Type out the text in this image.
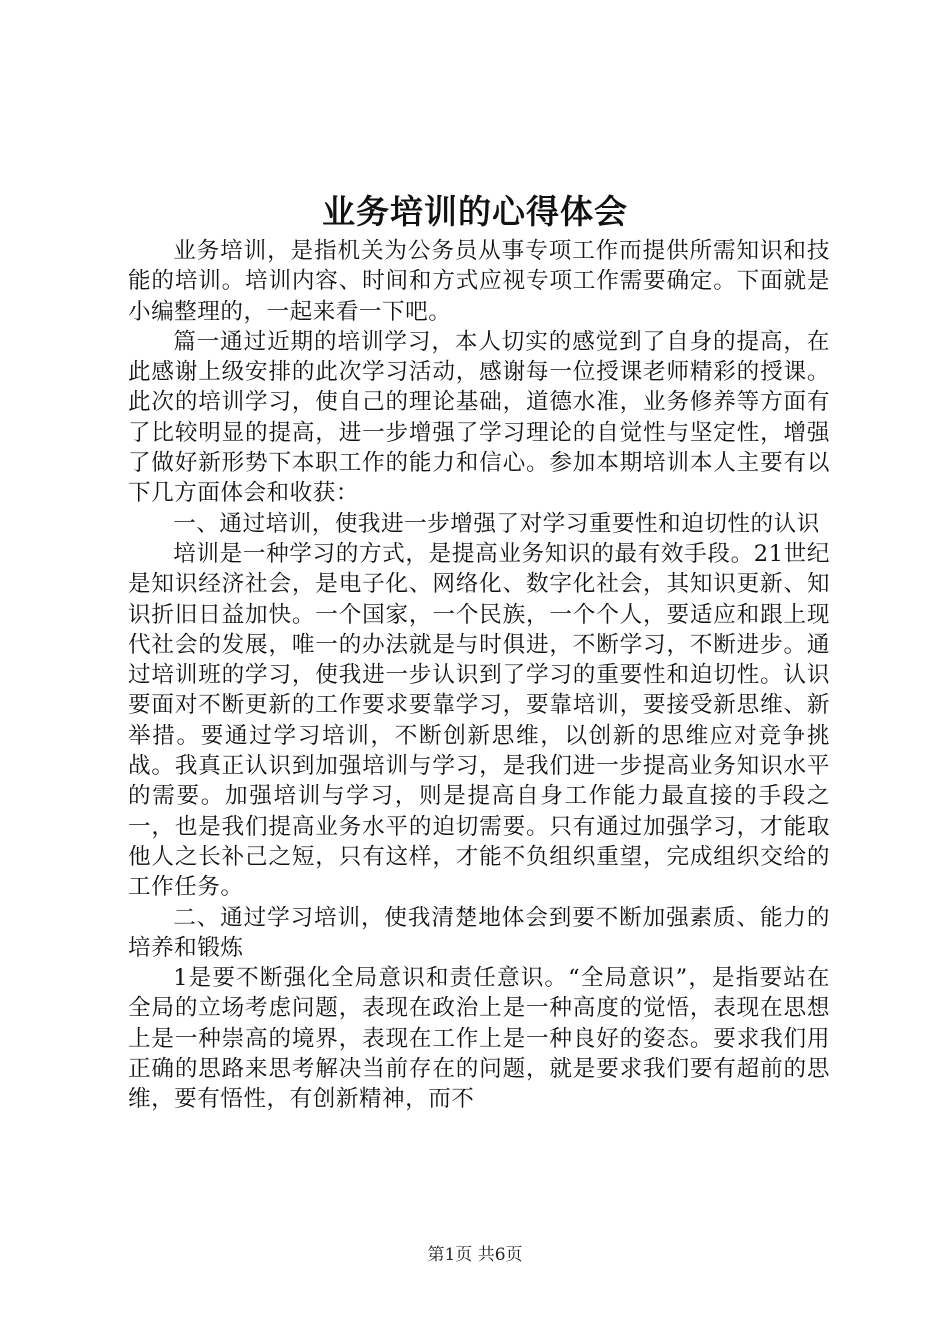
业务培训的心得体会

业务培训，是指机关为公务员从事专项工作而提供所需知识和技能的培训。培训内容、时间和方式应视专项工作需要确定。下面就是小编整理的，一起来看一下吧。

篇一通过近期的培训学习，本人切实的感觉到了自身的提高，在此感谢上级安排的此次学习活动，感谢每一位授课老师精彩的授课。此次的培训学习，使自己的理论基础，道德水准，业务修养等方面有了比较明显的提高，进一步增强了学习理论的自觉性与坚定性，增强了做好新形势下本职工作的能力和信心。参加本期培训本人主要有以下几方面体会和收获：

一、通过培训，使我进一步增强了对学习重要性和迫切性的认识

培训是一种学习的方式，是提高业务知识的最有效手段。21世纪是知识经济社会，是电子化、网络化、数字化社会，其知识更新、知识折旧日益加快。一个国家，一个民族，一个个人，要适应和跟上现代社会的发展，唯一的办法就是与时俱进，不断学习，不断进步。通过培训班的学习，使我进一步认识到了学习的重要性和迫切性。认识要面对不断更新的工作要求要靠学习，要靠培训，要接受新思维、新举措。要通过学习培训，不断创新思维，以创新的思维应对竞争挑战。我真正认识到加强培训与学习，是我们进一步提高业务知识水平的需要。加强培训与学习，则是提高自身工作能力最直接的手段之一，也是我们提高业务水平的迫切需要。只有通过加强学习，才能取他人之长补己之短，只有这样，才能不负组织重望，完成组织交给的工作任务。

二、通过学习培训，使我清楚地体会到要不断加强素质、能力的培养和锻炼

1是要不断强化全局意识和责任意识。“全局意识”，是指要站在全局的立场考虑问题，表现在政治上是一种高度的觉悟，表现在思想上是一种崇高的境界，表现在工作上是一种良好的姿态。要求我们用正确的思路来思考解决当前存在的问题，就是要求我们要有超前的思维，要有悟性，有创新精神，而不

第1页 共6页
